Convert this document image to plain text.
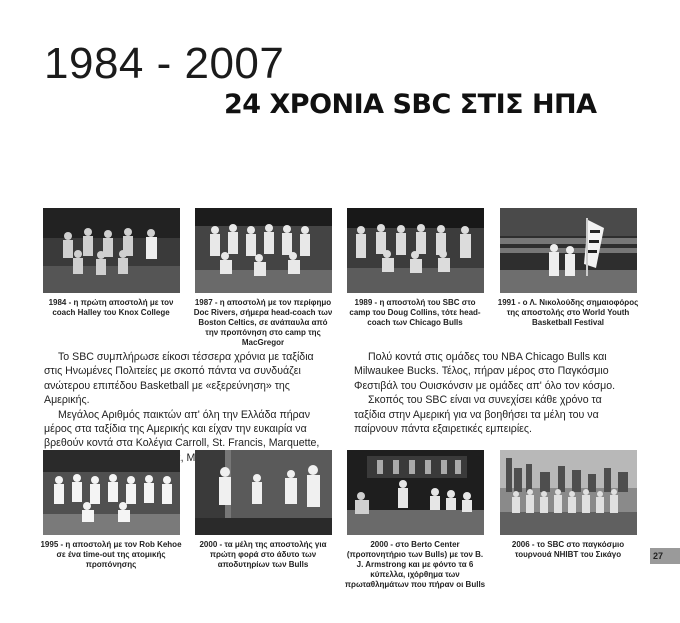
1984 - 2007
24 ΧΡΟΝΙΑ SBC ΣΤΙΣ ΗΠΑ
1984 - η πρώτη αποστολή με τον coach Halley του Knox College
1987 - η αποστολή με τον περίφημο Doc Rivers, σήμερα head-coach των Boston Celtics, σε ανάπαυλα από την προπόνηση στο camp της MacGregor
1989 - η αποστολή του SBC στο camp του Doug Collins, τότε head-coach των Chicago Bulls
1991 - ο Λ. Νικολούδης σημαιοφόρος της αποστολής στο World Youth Basketball Festival

Το SBC συμπλήρωσε είκοσι τέσσερα χρόνια με ταξίδια στις Ηνωμένες Πολιτείες με σκοπό πάντα να συνδυάζει ανώτερου επιπέδου Basketball με «εξερεύνηση» της Αμερικής.

Μεγάλος Αριθμός παικτών απ' όλη την Ελλάδα πήραν μέρος στα ταξίδια της Αμερικής και είχαν την ευκαιρία να βρεθούν κοντά στα Κολέγια Carroll, St. Francis, Marquette,

Πολύ κοντά στις ομάδες του NBA Chicago Bulls και Milwaukee Bucks. Τέλος, πήραν μέρος στο Παγκόσμιο Φεστιβάλ του Ουισκόνσιν με ομάδες απ' όλο τον κόσμο.

Σκοπός του SBC είναι να συνεχίσει κάθε χρόνο τα ταξίδια στην Αμερική για να βοηθήσει τα μέλη του να παίρνουν πάντα εξαιρετικές εμπειρίες.

1995 - η αποστολή με τον Rob Kehoe σε ένα time-out της ατομικής προπόνησης
2000 - τα μέλη της αποστολής για πρώτη φορά στο άδυτο των αποδυτηρίων των Bulls
2000 - στο Berto Center (προπονητήριο των Bulls) με τον B. J. Armstrong και με φόντο τα 6 κύπελλα, ιχόρθημα των πρωταθλημάτων που πήραν οι Bulls
2006 - το SBC στο παγκόσμιο τουρνουά NHIBT του Σικάγο	27
